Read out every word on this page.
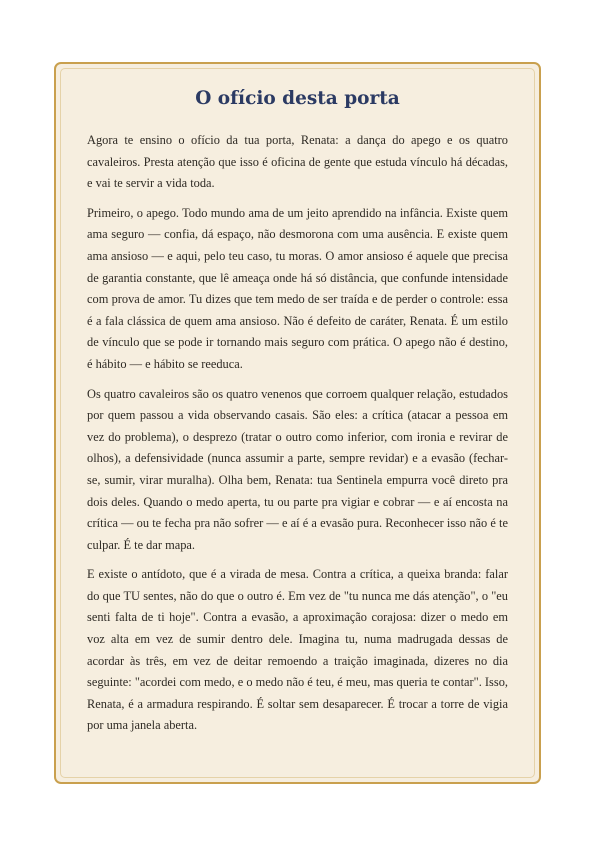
O ofício desta porta

Agora te ensino o ofício da tua porta, Renata: a dança do apego e os quatro cavaleiros. Presta atenção que isso é oficina de gente que estuda vínculo há décadas, e vai te servir a vida toda.

Primeiro, o apego. Todo mundo ama de um jeito aprendido na infância. Existe quem ama seguro — confia, dá espaço, não desmorona com uma ausência. E existe quem ama ansioso — e aqui, pelo teu caso, tu moras. O amor ansioso é aquele que precisa de garantia constante, que lê ameaça onde há só distância, que confunde intensidade com prova de amor. Tu dizes que tem medo de ser traída e de perder o controle: essa é a fala clássica de quem ama ansioso. Não é defeito de caráter, Renata. É um estilo de vínculo que se pode ir tornando mais seguro com prática. O apego não é destino, é hábito — e hábito se reeduca.

Os quatro cavaleiros são os quatro venenos que corroem qualquer relação, estudados por quem passou a vida observando casais. São eles: a crítica (atacar a pessoa em vez do problema), o desprezo (tratar o outro como inferior, com ironia e revirar de olhos), a defensividade (nunca assumir a parte, sempre revidar) e a evasão (fechar-se, sumir, virar muralha). Olha bem, Renata: tua Sentinela empurra você direto pra dois deles. Quando o medo aperta, tu ou parte pra vigiar e cobrar — e aí encosta na crítica — ou te fecha pra não sofrer — e aí é a evasão pura. Reconhecer isso não é te culpar. É te dar mapa.

E existe o antídoto, que é a virada de mesa. Contra a crítica, a queixa branda: falar do que TU sentes, não do que o outro é. Em vez de "tu nunca me dás atenção", o "eu senti falta de ti hoje". Contra a evasão, a aproximação corajosa: dizer o medo em voz alta em vez de sumir dentro dele. Imagina tu, numa madrugada dessas de acordar às três, em vez de deitar remoendo a traição imaginada, dizeres no dia seguinte: "acordei com medo, e o medo não é teu, é meu, mas queria te contar". Isso, Renata, é a armadura respirando. É soltar sem desaparecer. É trocar a torre de vigia por uma janela aberta.
